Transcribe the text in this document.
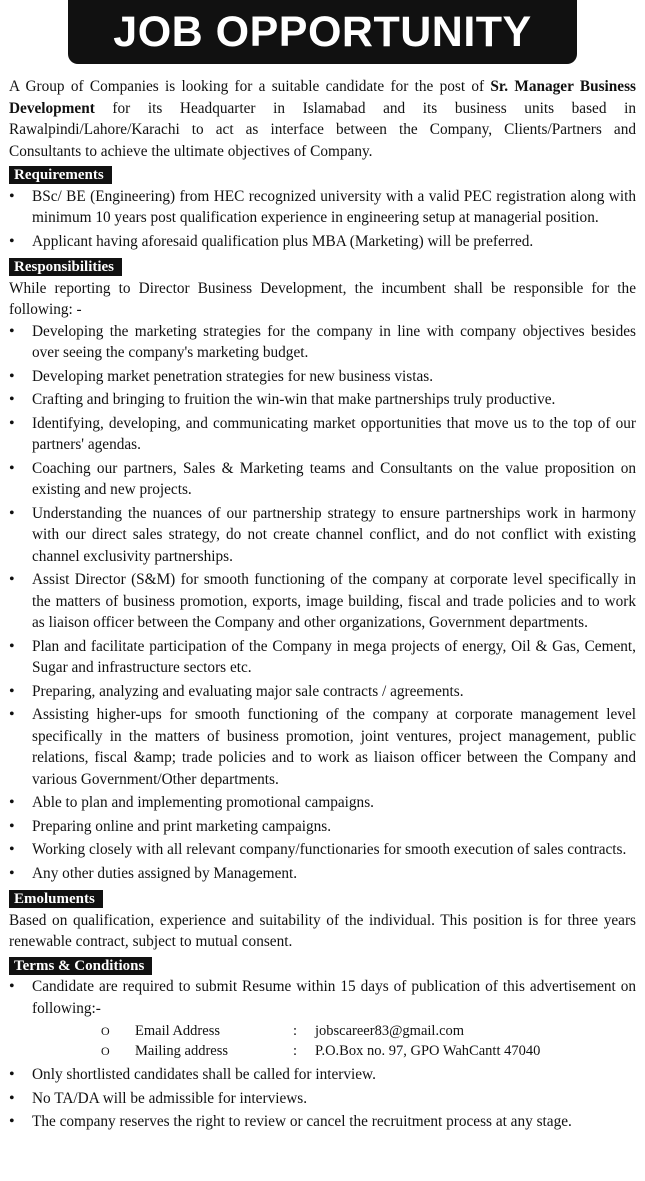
JOB OPPORTUNITY

A Group of Companies is looking for a suitable candidate for the post of Sr. Manager Business Development for its Headquarter in Islamabad and its business units based in Rawalpindi/Lahore/Karachi to act as interface between the Company, Clients/Partners and Consultants to achieve the ultimate objectives of Company.

Requirements
• BSc/ BE (Engineering) from HEC recognized university with a valid PEC registration along with minimum 10 years post qualification experience in engineering setup at managerial position.
• Applicant having aforesaid qualification plus MBA (Marketing) will be preferred.
Responsibilities

While reporting to Director Business Development, the incumbent shall be responsible for the following: -

• Developing the marketing strategies for the company in line with company objectives besides over seeing the company's marketing budget.
• Developing market penetration strategies for new business vistas.
• Crafting and bringing to fruition the win-win that make partnerships truly productive.
• Identifying, developing, and communicating market opportunities that move us to the top of our partners' agendas.
• Coaching our partners, Sales & Marketing teams and Consultants on the value proposition on existing and new projects.
• Understanding the nuances of our partnership strategy to ensure partnerships work in harmony with our direct sales strategy, do not create channel conflict, and do not conflict with existing channel exclusivity partnerships.
• Assist Director (S&M) for smooth functioning of the company at corporate level specifically in the matters of business promotion, exports, image building, fiscal and trade policies and to work as liaison officer between the Company and other organizations, Government departments.
• Plan and facilitate participation of the Company in mega projects of energy, Oil & Gas, Cement, Sugar and infrastructure sectors etc.
• Preparing, analyzing and evaluating major sale contracts / agreements.
• Assisting higher-ups for smooth functioning of the company at corporate management level specifically in the matters of business promotion, joint ventures, project management, public relations, fiscal &amp; trade policies and to work as liaison officer between the Company and various Government/Other departments.
• Able to plan and implementing promotional campaigns.
• Preparing online and print marketing campaigns.
• Working closely with all relevant company/functionaries for smooth execution of sales contracts.
• Any other duties assigned by Management.
Emoluments

Based on qualification, experience and suitability of the individual. This position is for three years renewable contract, subject to mutual consent.

Terms & Conditions
• Candidate are required to submit Resume within 15 days of publication of this advertisement on following:-
O	Email Address	:	jobscareer83@gmail.com
O	Mailing address	:	P.O.Box no. 97, GPO WahCantt 47040
• Only shortlisted candidates shall be called for interview.
• No TA/DA will be admissible for interviews.
• The company reserves the right to review or cancel the recruitment process at any stage.
